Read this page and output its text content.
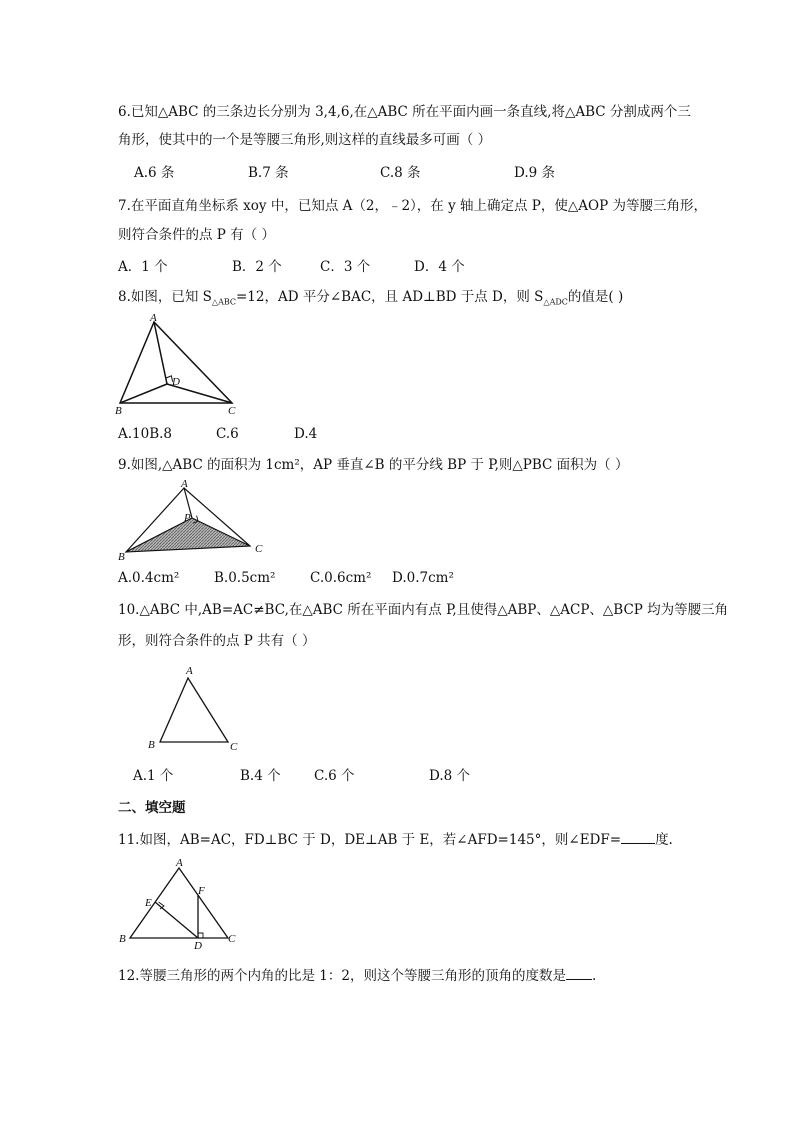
6.已知△ABC 的三条边长分别为 3,4,6,在△ABC 所在平面内画一条直线,将△ABC 分割成两个三
角形，使其中的一个是等腰三角形,则这样的直线最多可画（ ）
A.6 条	B.7 条	C.8 条	D.9 条
7.在平面直角坐标系 xoy 中，已知点 A（2，﹣2），在 y 轴上确定点 P，使△AOP 为等腰三角形，
则符合条件的点 P 有（ ）
A．1 个	B．2 个	C．3 个	D．4 个
8.如图，已知 $S_{\triangle ABC}=12$，AD 平分∠BAC，且 AD⊥BD 于点 D，则 $S_{\triangle ADC}$的值是( )
A
B	C
D
A.10B.8	C.6	D.4
9.如图,△ABC 的面积为 1cm²，AP 垂直∠B 的平分线 BP 于 P,则△PBC 面积为（ ）
A
B
C
P
A.0.4cm²	B.0.5cm²	C.0.6cm² D.0.7cm²
10.△ABC 中,AB=AC≠BC,在△ABC 所在平面内有点 P,且使得△ABP、△ACP、△BCP 均为等腰三角
形，则符合条件的点 P 共有（ ）
A
B	C
A.1 个	B.4 个 C.6 个	D.8 个
二、填空题
11.如图，AB=AC，FD⊥BC 于 D，DE⊥AB 于 E，若∠AFD=145°，则∠EDF=	度.
A
B	C
D
E
F
12.等腰三角形的两个内角的比是 1：2，则这个等腰三角形的顶角的度数是 .
